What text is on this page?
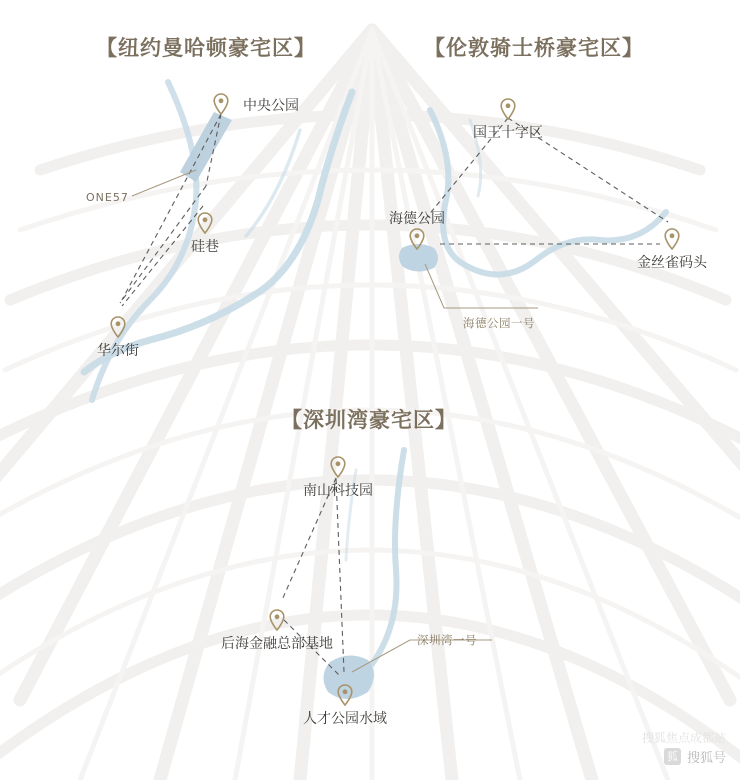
【纽约曼哈顿豪宅区】	【伦敦骑士桥豪宅区】
【深圳湾豪宅区】
中央公园
硅巷
华尔街
ONE57
国王十字区
海德公园
金丝雀码头
海德公园一号
南山科技园
后海金融总部基地
人才公园水域
深圳湾一号
搜狐焦点成都站
狐 搜狐号
